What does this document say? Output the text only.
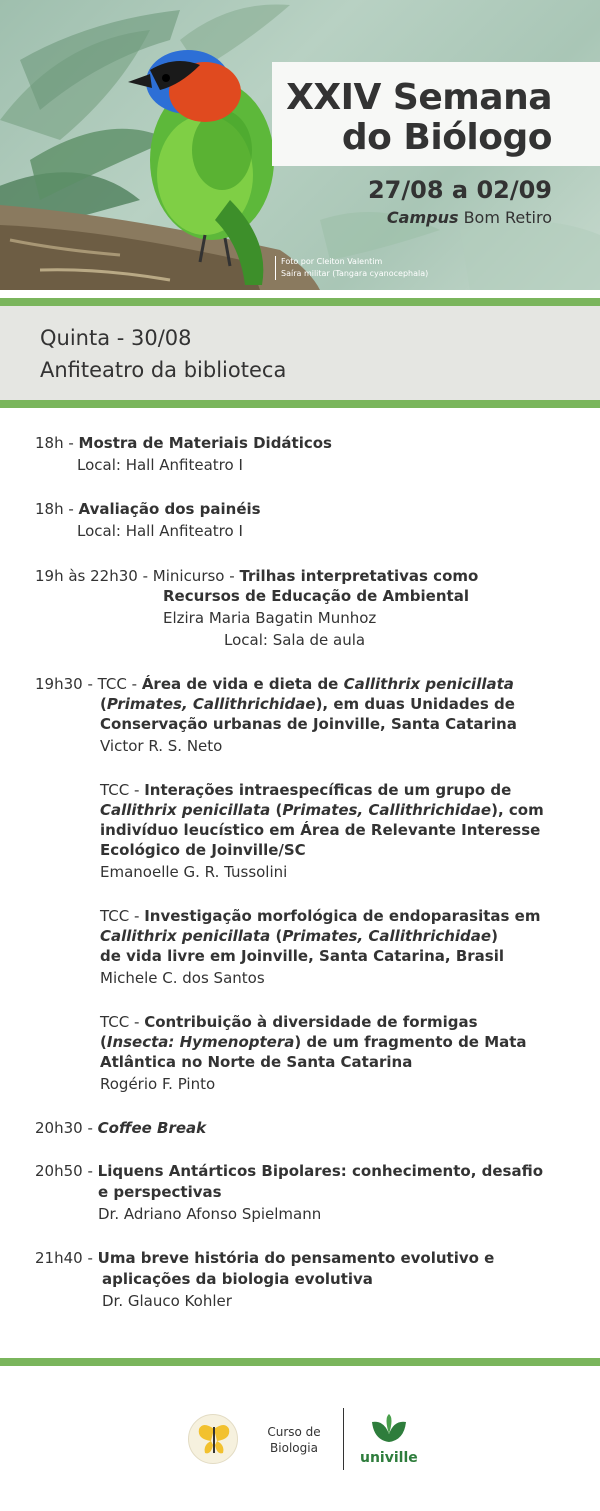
XXIV Semana
do Biólogo
27/08 a 02/09
Campus Bom Retiro
Foto por Cleiton Valentim
Saíra militar (Tangara cyanocephala)
Quinta - 30/08
Anfiteatro da biblioteca
18h - Mostra de Materiais Didáticos
Local: Hall Anfiteatro I
18h - Avaliação dos painéis
Local: Hall Anfiteatro I
19h às 22h30 - Minicurso - Trilhas interpretativas como
Recursos de Educação de Ambiental
Elzira Maria Bagatin Munhoz
Local: Sala de aula
19h30 - TCC - Área de vida e dieta de Callithrix penicillata
(Primates, Callithrichidae), em duas Unidades de
Conservação urbanas de Joinville, Santa Catarina
Victor R. S. Neto
TCC - Interações intraespecíficas de um grupo de
Callithrix penicillata (Primates, Callithrichidae), com
indivíduo leucístico em Área de Relevante Interesse
Ecológico de Joinville/SC
Emanoelle G. R. Tussolini
TCC - Investigação morfológica de endoparasitas em
Callithrix penicillata (Primates, Callithrichidae)
de vida livre em Joinville, Santa Catarina, Brasil
Michele C. dos Santos
TCC - Contribuição à diversidade de formigas
(Insecta: Hymenoptera) de um fragmento de Mata
Atlântica no Norte de Santa Catarina
Rogério F. Pinto
20h30 - Coffee Break
20h50 - Liquens Antárticos Bipolares: conhecimento, desafio
e perspectivas
Dr. Adriano Afonso Spielmann
21h40 - Uma breve história do pensamento evolutivo e
aplicações da biologia evolutiva
Dr. Glauco Kohler
Curso de
Biologia
univille
